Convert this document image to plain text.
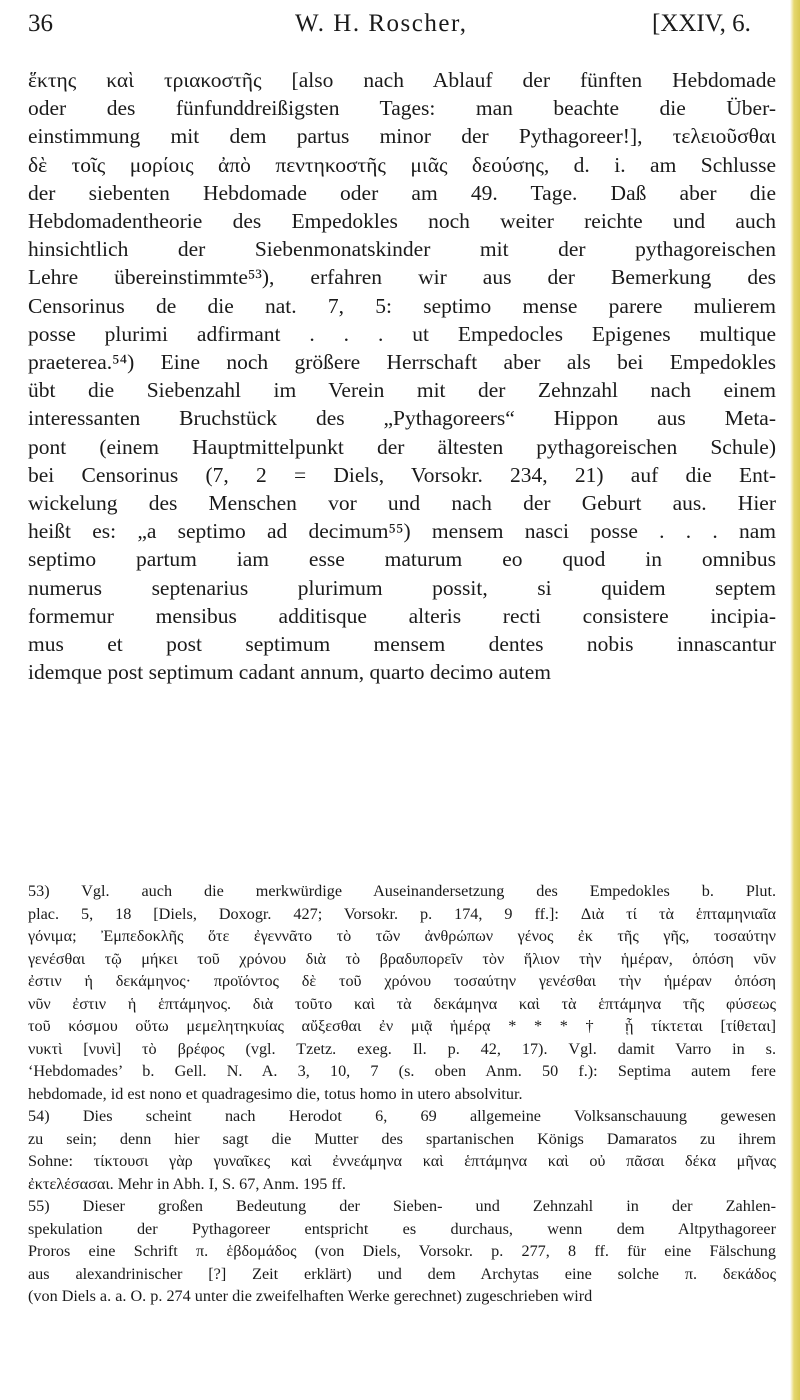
36	W. H. Roscher,	[XXIV, 6.
ἕκτης καὶ τριακοστῆς [also nach Ablauf der fünften Hebdomade
oder des fünfunddreißigsten Tages: man beachte die Über-
einstimmung mit dem partus minor der Pythagoreer!], τελειοῦσθαι
δὲ τοῖς μορίοις ἀπὸ πεντηκοστῆς μιᾶς δεούσης, d. i. am Schlusse
der siebenten Hebdomade oder am 49. Tage. Daß aber die
Hebdomadentheorie des Empedokles noch weiter reichte und auch
hinsichtlich der Siebenmonatskinder mit der pythagoreischen
Lehre übereinstimmte⁵³), erfahren wir aus der Bemerkung des
Censorinus de die nat. 7, 5: septimo mense parere mulierem
posse plurimi adfirmant . . . ut Empedocles Epigenes multique
praeterea.⁵⁴) Eine noch größere Herrschaft aber als bei Empedokles
übt die Siebenzahl im Verein mit der Zehnzahl nach einem
interessanten Bruchstück des „Pythagoreers“ Hippon aus Meta-
pont (einem Hauptmittelpunkt der ältesten pythagoreischen Schule)
bei Censorinus (7, 2 = Diels, Vorsokr. 234, 21) auf die Ent-
wickelung des Menschen vor und nach der Geburt aus. Hier
heißt es: „a septimo ad decimum⁵⁵) mensem nasci posse . . . nam
septimo partum iam esse maturum eo quod in omnibus
numerus septenarius plurimum possit, si quidem septem
formemur mensibus additisque alteris recti consistere incipia-
mus et post septimum mensem dentes nobis innascantur
idemque post septimum cadant annum, quarto decimo autem
53) Vgl. auch die merkwürdige Auseinandersetzung des Empedokles b. Plut.
plac. 5, 18 [Diels, Doxogr. 427; Vorsokr. p. 174, 9 ff.]: Διὰ τί τὰ ἑπταμηνιαῖα
γόνιμα; Ἐμπεδοκλῆς ὅτε ἐγεννᾶτο τὸ τῶν ἀνθρώπων γένος ἐκ τῆς γῆς, τοσαύτην
γενέσθαι τῷ μήκει τοῦ χρόνου διὰ τὸ βραδυπορεῖν τὸν ἥλιον τὴν ἡμέραν, ὁπόση νῦν
ἐστιν ἡ δεκάμηνος· προϊόντος δὲ τοῦ χρόνου τοσαύτην γενέσθαι τὴν ἡμέραν ὁπόση
νῦν ἐστιν ἡ ἑπτάμηνος. διὰ τοῦτο καὶ τὰ δεκάμηνα καὶ τὰ ἑπτάμηνα τῆς φύσεως
τοῦ κόσμου οὕτω μεμελητηκυίας αὔξεσθαι ἐν μιᾷ ἡμέρᾳ * * * † ᾗ τίκτεται [τίθεται]
νυκτὶ [νυνὶ] τὸ βρέφος (vgl. Tzetz. exeg. Il. p. 42, 17). Vgl. damit Varro in s.
‘Hebdomades’ b. Gell. N. A. 3, 10, 7 (s. oben Anm. 50 f.): Septima autem fere
hebdomade, id est nono et quadragesimo die, totus homo in utero absolvitur.
54) Dies scheint nach Herodot 6, 69 allgemeine Volksanschauung gewesen
zu sein; denn hier sagt die Mutter des spartanischen Königs Damaratos zu ihrem
Sohne: τίκτουσι γὰρ γυναῖκες καὶ ἐννεάμηνα καὶ ἑπτάμηνα καὶ οὐ πᾶσαι δέκα μῆνας
ἐκτελέσασαι. Mehr in Abh. I, S. 67, Anm. 195 ff.
55) Dieser großen Bedeutung der Sieben- und Zehnzahl in der Zahlen-
spekulation der Pythagoreer entspricht es durchaus, wenn dem Altpythagoreer
Proros eine Schrift π. ἑβδομάδος (von Diels, Vorsokr. p. 277, 8 ff. für eine Fälschung
aus alexandrinischer [?] Zeit erklärt) und dem Archytas eine solche π. δεκάδος
(von Diels a. a. O. p. 274 unter die zweifelhaften Werke gerechnet) zugeschrieben wird
